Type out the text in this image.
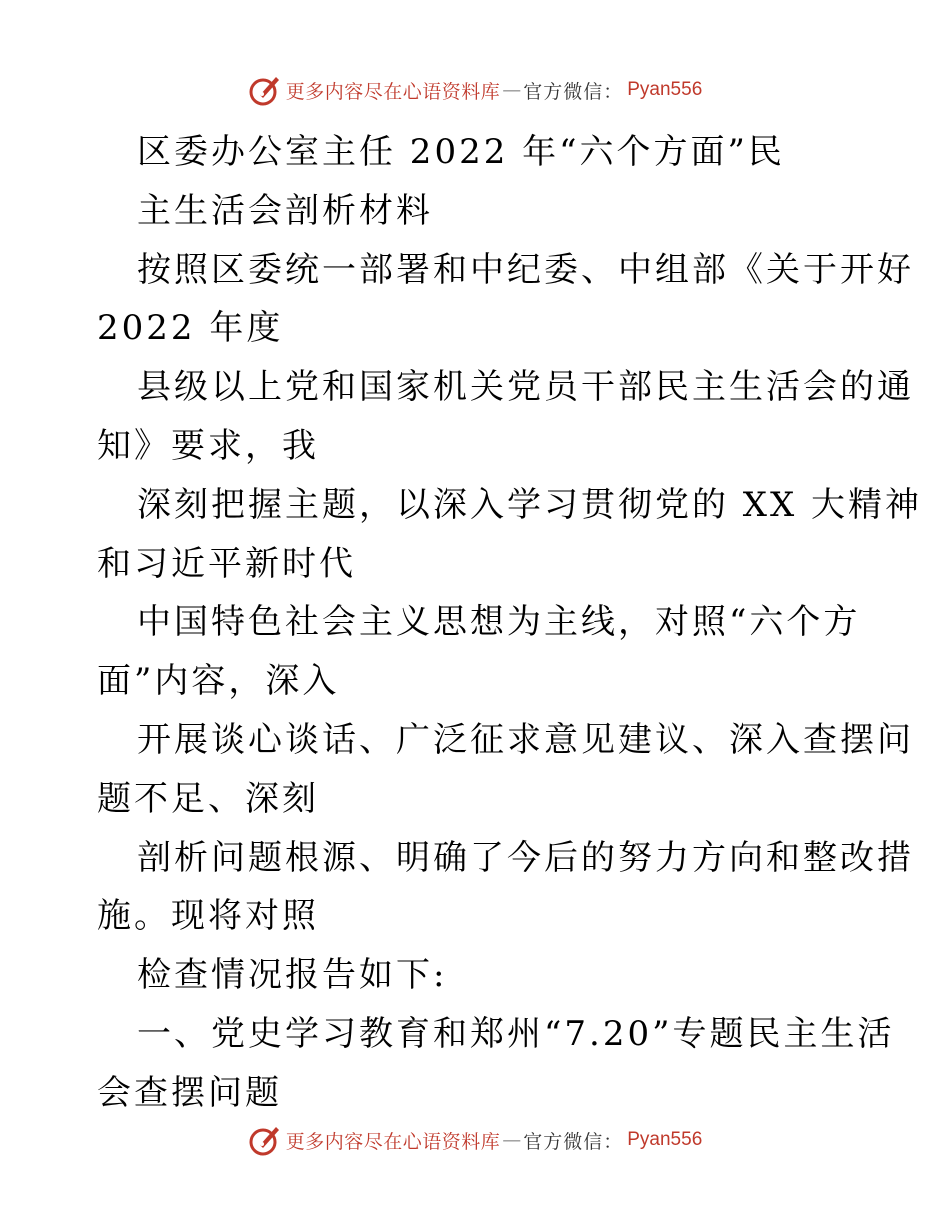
更多内容尽在心语资料库 — 官方微信： Pyan556
区委办公室主任 2022 年“六个方面”民
主生活会剖析材料
按照区委统一部署和中纪委、中组部《关于开好
2022 年度
县级以上党和国家机关党员干部民主生活会的通
知》要求，我
深刻把握主题，以深入学习贯彻党的 XX 大精神
和习近平新时代
中国特色社会主义思想为主线，对照“六个方
面”内容，深入
开展谈心谈话、广泛征求意见建议、深入查摆问
题不足、深刻
剖析问题根源、明确了今后的努力方向和整改措
施。现将对照
检查情况报告如下:
一、党史学习教育和郑州“7.20”专题民主生活
会查摆问题
更多内容尽在心语资料库 — 官方微信： Pyan556
